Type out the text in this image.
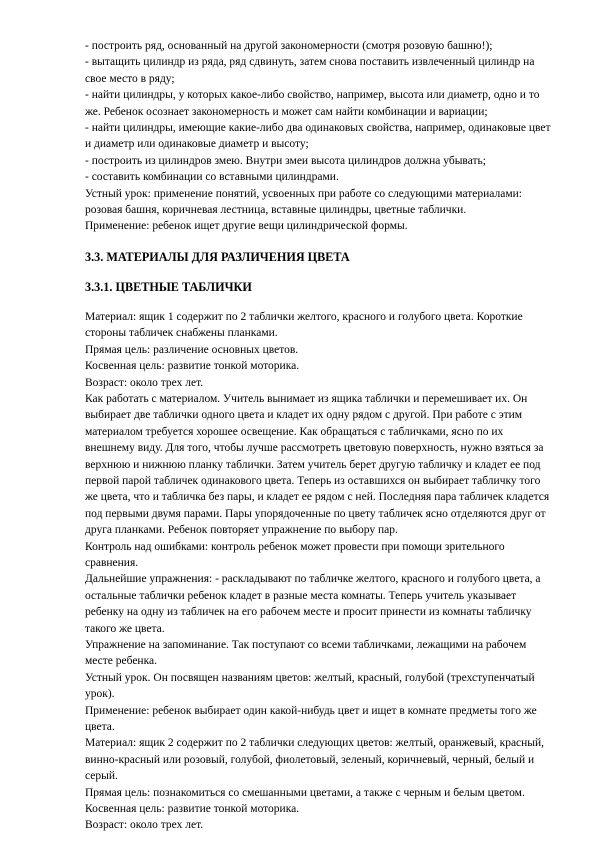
- построить ряд, основанный на другой закономерности (смотря розовую башню!);

- вытащить цилиндр из ряда, ряд сдвинуть, затем снова поставить извлеченный цилиндр на свое место в ряду;

- найти цилиндры, у которых какое-либо свойство, например, высота или диаметр, одно и то же. Ребенок осознает закономерность и может сам найти комбинации и вариации;

- найти цилиндры, имеющие какие-либо два одинаковых свойства, например, одинаковые цвет и диаметр или одинаковые диаметр и высоту;

- построить из цилиндров змею. Внутри змеи высота цилиндров должна убывать;

- составить комбинации со вставными цилиндрами.

Устный урок: применение понятий, усвоенных при работе со следующими материалами: розовая башня, коричневая лестница, вставные цилиндры, цветные таблички.

Применение: ребенок ищет другие вещи цилиндрической формы.

3.3. МАТЕРИАЛЫ ДЛЯ РАЗЛИЧЕНИЯ ЦВЕТА
3.3.1. ЦВЕТНЫЕ ТАБЛИЧКИ

Материал: ящик 1 содержит по 2 таблички желтого, красного и голубого цвета. Короткие стороны табличек снабжены планками.

Прямая цель: различение основных цветов.

Косвенная цель: развитие тонкой моторика.

Возраст: около трех лет.

Как работать с материалом. Учитель вынимает из ящика таблички и перемешивает их. Он выбирает две таблички одного цвета и кладет их одну рядом с другой. При работе с этим материалом требуется хорошее освещение. Как обращаться с табличками, ясно по их внешнему виду. Для того, чтобы лучше рассмотреть цветовую поверхность, нужно взяться за верхнюю и нижнюю планку таблички. Затем учитель берет другую табличку и кладет ее под первой парой табличек одинакового цвета. Теперь из оставшихся он выбирает табличку того же цвета, что и табличка без пары, и кладет ее рядом с ней. Последняя пара табличек кладется под первыми двумя парами. Пары упорядоченные по цвету табличек ясно отделяются друг от друга планками. Ребенок повторяет упражнение по выбору пар.

Контроль над ошибками: контроль ребенок может провести при помощи зрительного сравнения.

Дальнейшие упражнения: - раскладывают по табличке желтого, красного и голубого цвета, а остальные таблички ребенок кладет в разные места комнаты. Теперь учитель указывает ребенку на одну из табличек на его рабочем месте и просит принести из комнаты табличку такого же цвета.

Упражнение на запоминание. Так поступают со всеми табличками, лежащими на рабочем месте ребенка.

Устный урок. Он посвящен названиям цветов: желтый, красный, голубой (трехступенчатый урок).

Применение: ребенок выбирает один какой-нибудь цвет и ищет в комнате предметы того же цвета.

Материал: ящик 2 содержит по 2 таблички следующих цветов: желтый, оранжевый, красный, винно-красный или розовый, голубой, фиолетовый, зеленый, коричневый, черный, белый и серый.

Прямая цель: познакомиться со смешанными цветами, а также с черным и белым цветом.

Косвенная цель: развитие тонкой моторика.

Возраст: около трех лет.
